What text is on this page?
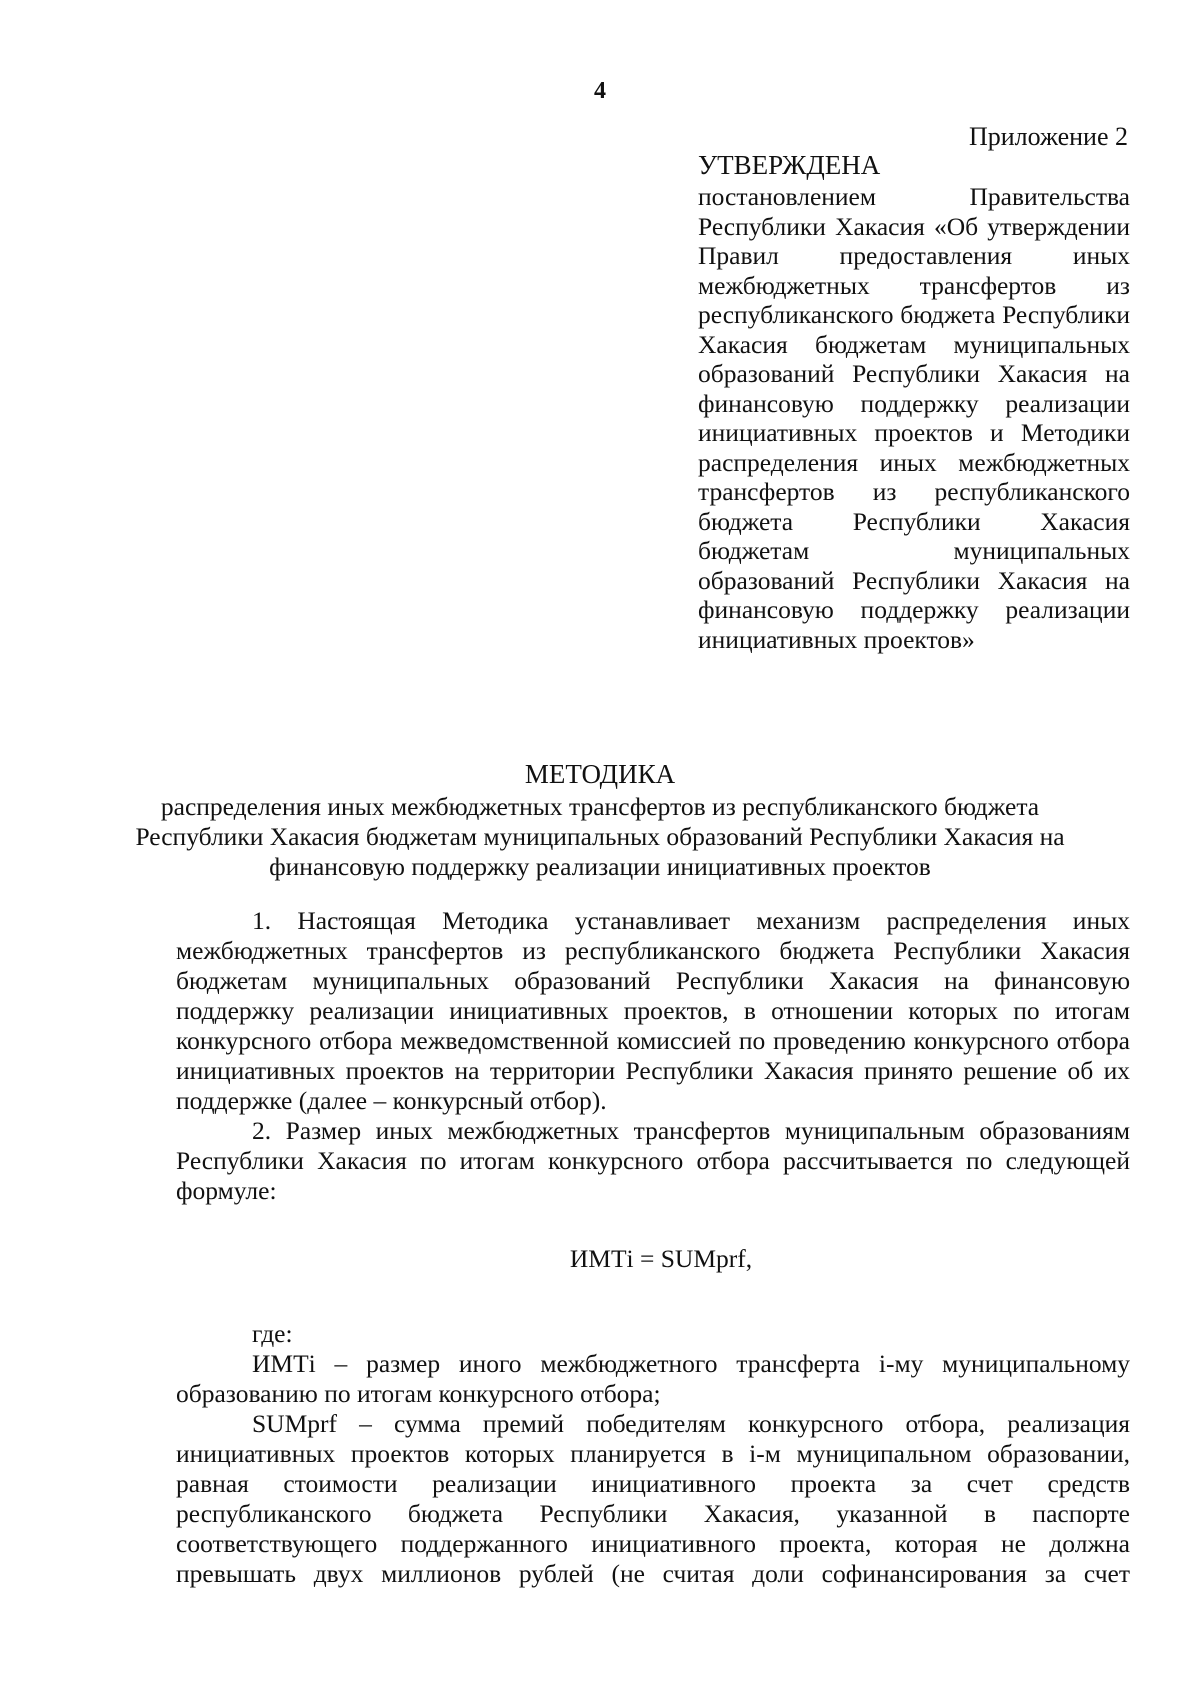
4
Приложение 2
УТВЕРЖДЕНА
постановлением Правительства Республики Хакасия «Об утверждении Правил предоставления иных межбюджетных трансфертов из республиканского бюджета Республики Хакасия бюджетам муниципальных образований Республики Хакасия на финансовую поддержку реализации инициативных проектов и Методики распределения иных межбюджетных трансфертов из республиканского бюджета Республики Хакасия бюджетам муниципальных образований Республики Хакасия на финансовую поддержку реализации инициативных проектов»
МЕТОДИКА
распределения иных межбюджетных трансфертов из республиканского бюджета Республики Хакасия бюджетам муниципальных образований Республики Хакасия на финансовую поддержку реализации инициативных проектов

1. Настоящая Методика устанавливает механизм распределения иных межбюджетных трансфертов из республиканского бюджета Республики Хакасия бюджетам муниципальных образований Республики Хакасия на финансовую поддержку реализации инициативных проектов, в отношении которых по итогам конкурсного отбора межведомственной комиссией по проведению конкурсного отбора инициативных проектов на территории Республики Хакасия принято решение об их поддержке (далее – конкурсный отбор).

2. Размер иных межбюджетных трансфертов муниципальным образованиям Республики Хакасия по итогам конкурсного отбора рассчитывается по следующей формуле:

ИМТi = SUMprf,

где:

ИМТi – размер иного межбюджетного трансферта i-му муниципальному образованию по итогам конкурсного отбора;

SUMprf – сумма премий победителям конкурсного отбора, реализация инициативных проектов которых планируется в i-м муниципальном образовании, равная стоимости реализации инициативного проекта за счет средств республиканского бюджета Республики Хакасия, указанной в паспорте соответствующего поддержанного инициативного проекта, которая не должна превышать двух миллионов рублей (не считая доли софинансирования за счет
